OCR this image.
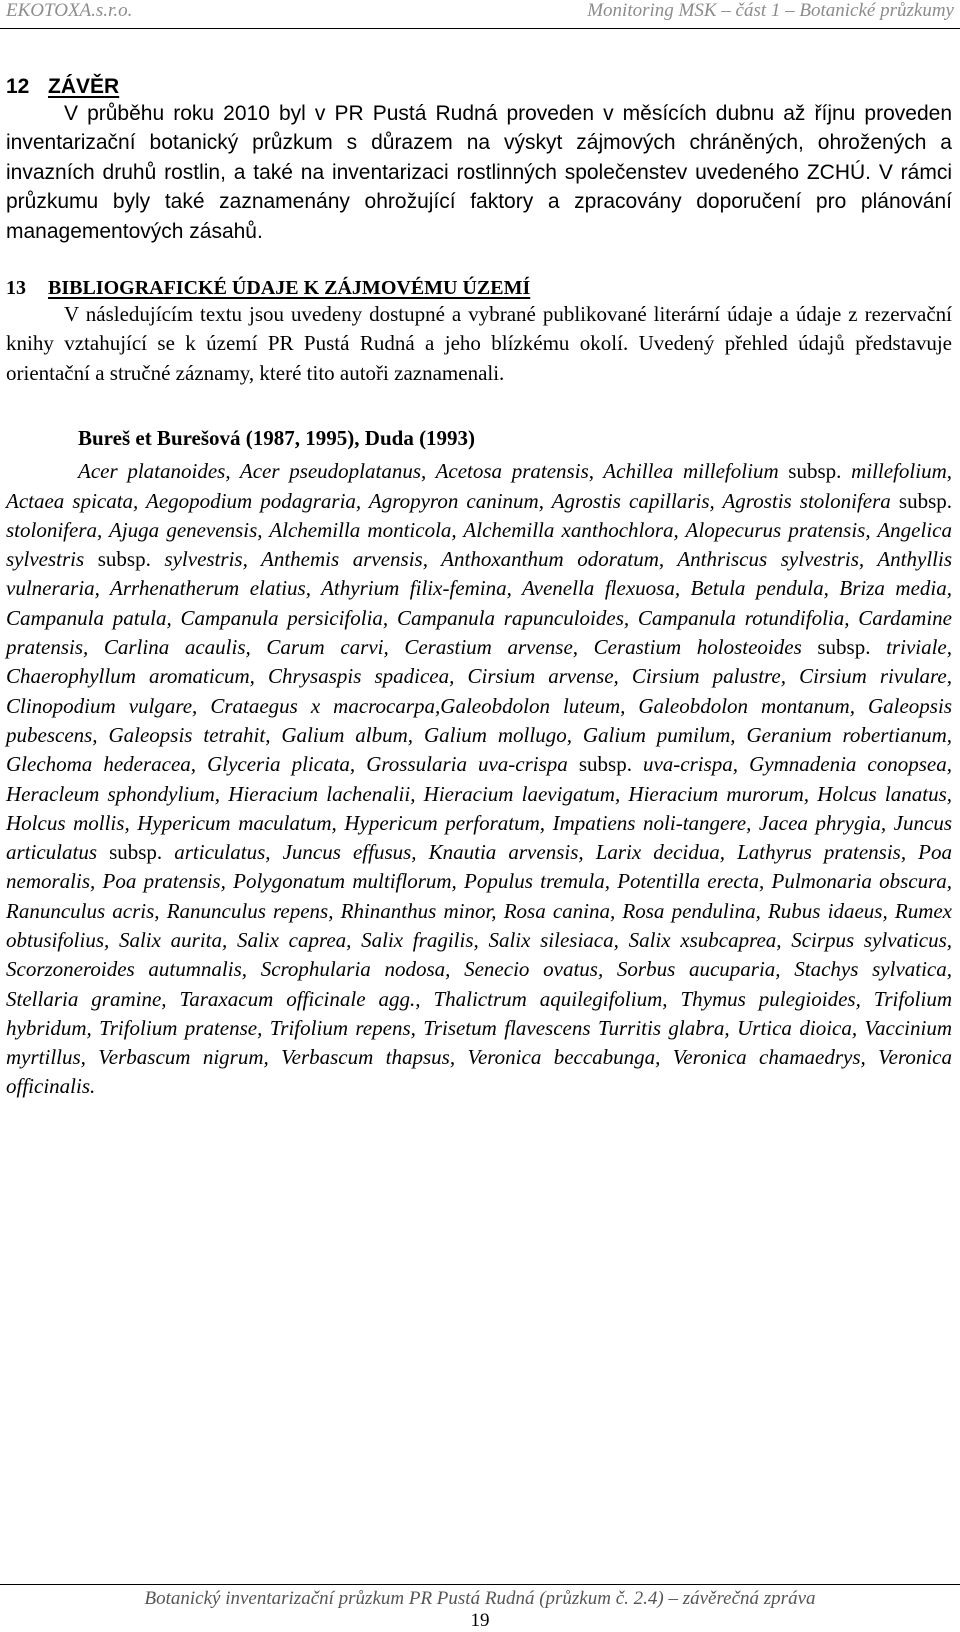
EKOTOXA.s.r.o.	Monitoring MSK – část 1 – Botanické průzkumy
12 ZÁVĚR

V průběhu roku 2010 byl v PR Pustá Rudná proveden v měsících dubnu až říjnu proveden inventarizační botanický průzkum s důrazem na výskyt zájmových chráněných, ohrožených a invazních druhů rostlin, a také na inventarizaci rostlinných společenstev uvedeného ZCHÚ. V rámci průzkumu byly také zaznamenány ohrožující faktory a zpracovány doporučení pro plánování managementových zásahů.

13 BIBLIOGRAFICKÉ ÚDAJE K ZÁJMOVÉMU ÚZEMÍ

V následujícím textu jsou uvedeny dostupné a vybrané publikované literární údaje a údaje z rezervační knihy vztahující se k území PR Pustá Rudná a jeho blízkému okolí. Uvedený přehled údajů představuje orientační a stručné záznamy, které tito autoři zaznamenali.

Bureš et Burešová (1987, 1995), Duda (1993)

Acer platanoides, Acer pseudoplatanus, Acetosa pratensis, Achillea millefolium subsp. millefolium, Actaea spicata, Aegopodium podagraria, Agropyron caninum, Agrostis capillaris, Agrostis stolonifera subsp. stolonifera, Ajuga genevensis, Alchemilla monticola, Alchemilla xanthochlora, Alopecurus pratensis, Angelica sylvestris subsp. sylvestris, Anthemis arvensis, Anthoxanthum odoratum, Anthriscus sylvestris, Anthyllis vulneraria, Arrhenatherum elatius, Athyrium filix-femina, Avenella flexuosa, Betula pendula, Briza media, Campanula patula, Campanula persicifolia, Campanula rapunculoides, Campanula rotundifolia, Cardamine pratensis, Carlina acaulis, Carum carvi, Cerastium arvense, Cerastium holosteoides subsp. triviale, Chaerophyllum aromaticum, Chrysaspis spadicea, Cirsium arvense, Cirsium palustre, Cirsium rivulare, Clinopodium vulgare, Crataegus x macrocarpa,Galeobdolon luteum, Galeobdolon montanum, Galeopsis pubescens, Galeopsis tetrahit, Galium album, Galium mollugo, Galium pumilum, Geranium robertianum, Glechoma hederacea, Glyceria plicata, Grossularia uva-crispa subsp. uva-crispa, Gymnadenia conopsea, Heracleum sphondylium, Hieracium lachenalii, Hieracium laevigatum, Hieracium murorum, Holcus lanatus, Holcus mollis, Hypericum maculatum, Hypericum perforatum, Impatiens noli-tangere, Jacea phrygia, Juncus articulatus subsp. articulatus, Juncus effusus, Knautia arvensis, Larix decidua, Lathyrus pratensis, Poa nemoralis, Poa pratensis, Polygonatum multiflorum, Populus tremula, Potentilla erecta, Pulmonaria obscura, Ranunculus acris, Ranunculus repens, Rhinanthus minor, Rosa canina, Rosa pendulina, Rubus idaeus, Rumex obtusifolius, Salix aurita, Salix caprea, Salix fragilis, Salix silesiaca, Salix xsubcaprea, Scirpus sylvaticus, Scorzoneroides autumnalis, Scrophularia nodosa, Senecio ovatus, Sorbus aucuparia, Stachys sylvatica, Stellaria gramine, Taraxacum officinale agg., Thalictrum aquilegifolium, Thymus pulegioides, Trifolium hybridum, Trifolium pratense, Trifolium repens, Trisetum flavescens Turritis glabra, Urtica dioica, Vaccinium myrtillus, Verbascum nigrum, Verbascum thapsus, Veronica beccabunga, Veronica chamaedrys, Veronica officinalis.

Botanický inventarizační průzkum PR Pustá Rudná (průzkum č. 2.4) – závěrečná zpráva
19
